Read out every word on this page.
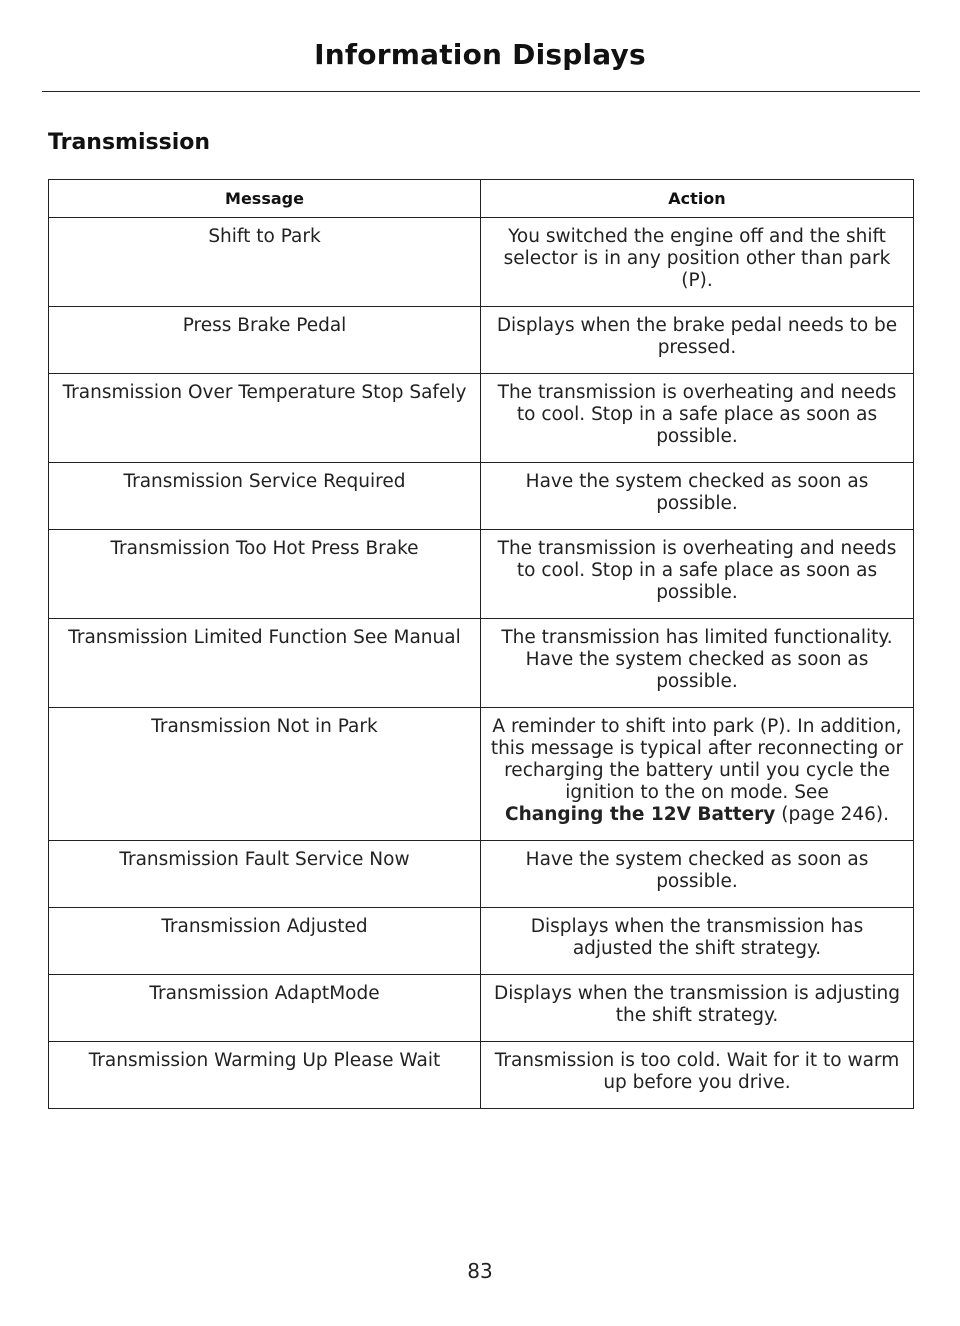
Information Displays
Transmission
Message	Action
Shift to Park	You switched the engine off and the shift selector is in any position other than park (P).
Press Brake Pedal	Displays when the brake pedal needs to be pressed.
Transmission Over Temperature Stop Safely	The transmission is overheating and needs to cool. Stop in a safe place as soon as possible.
Transmission Service Required	Have the system checked as soon as possible.
Transmission Too Hot Press Brake	The transmission is overheating and needs to cool. Stop in a safe place as soon as possible.
Transmission Limited Function See Manual	The transmission has limited functionality. Have the system checked as soon as possible.
Transmission Not in Park	A reminder to shift into park (P). In addition, this message is typical after reconnecting or recharging the battery until you cycle the ignition to the on mode. See
Changing the 12V Battery (page 246).
Transmission Fault Service Now	Have the system checked as soon as possible.
Transmission Adjusted	Displays when the transmission has adjusted the shift strategy.
Transmission AdaptMode	Displays when the transmission is adjusting the shift strategy.
Transmission Warming Up Please Wait	Transmission is too cold. Wait for it to warm up before you drive.
83
